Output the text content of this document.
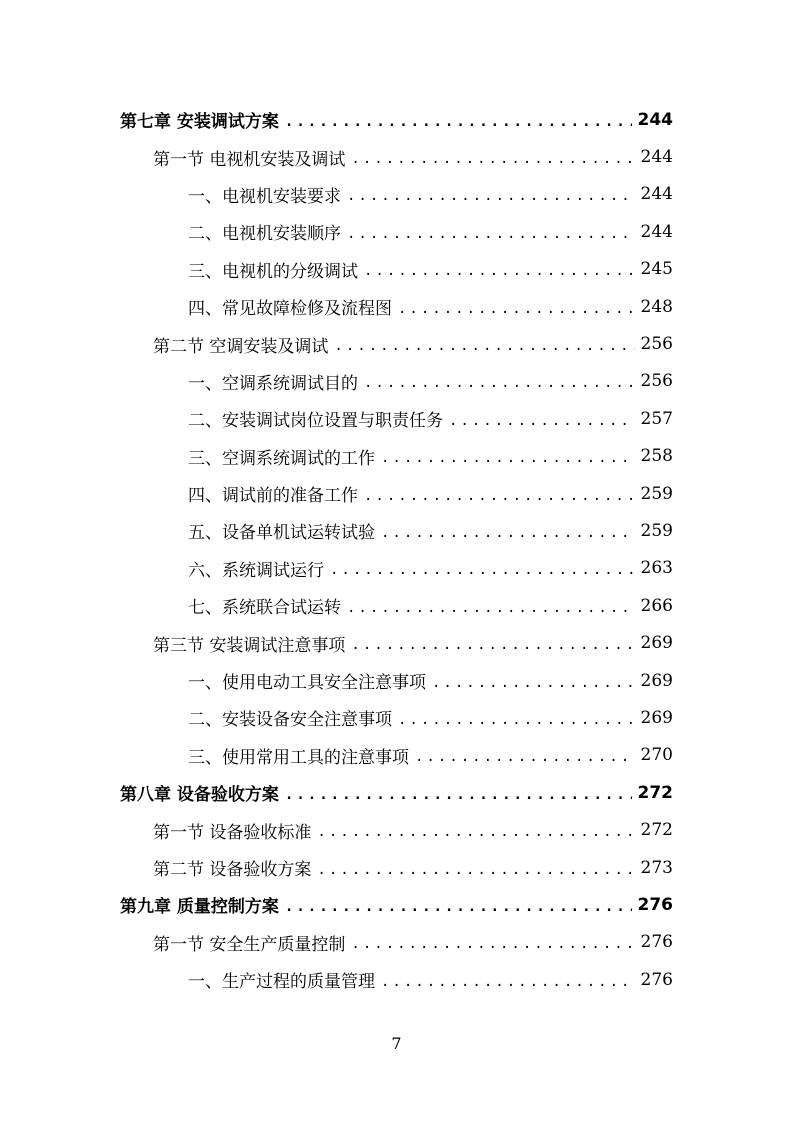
第七章 安装调试方案 .....	244
第一节 电视机安装及调试 .....	244
一、电视机安装要求 .....	244
二、电视机安装顺序 .....	244
三、电视机的分级调试 .....	245
四、常见故障检修及流程图 .....	248
第二节 空调安装及调试 .....	256
一、空调系统调试目的 .....	256
二、安装调试岗位设置与职责任务 .....	257
三、空调系统调试的工作 .....	258
四、调试前的准备工作 .....	259
五、设备单机试运转试验 .....	259
六、系统调试运行 .....	263
七、系统联合试运转 .....	266
第三节 安装调试注意事项 .....	269
一、使用电动工具安全注意事项 .....	269
二、安装设备安全注意事项 .....	269
三、使用常用工具的注意事项 .....	270
第八章 设备验收方案 .....	272
第一节 设备验收标准 .....	272
第二节 设备验收方案 .....	273
第九章 质量控制方案 .....	276
第一节 安全生产质量控制 .....	276
一、生产过程的质量管理 .....	276
7
